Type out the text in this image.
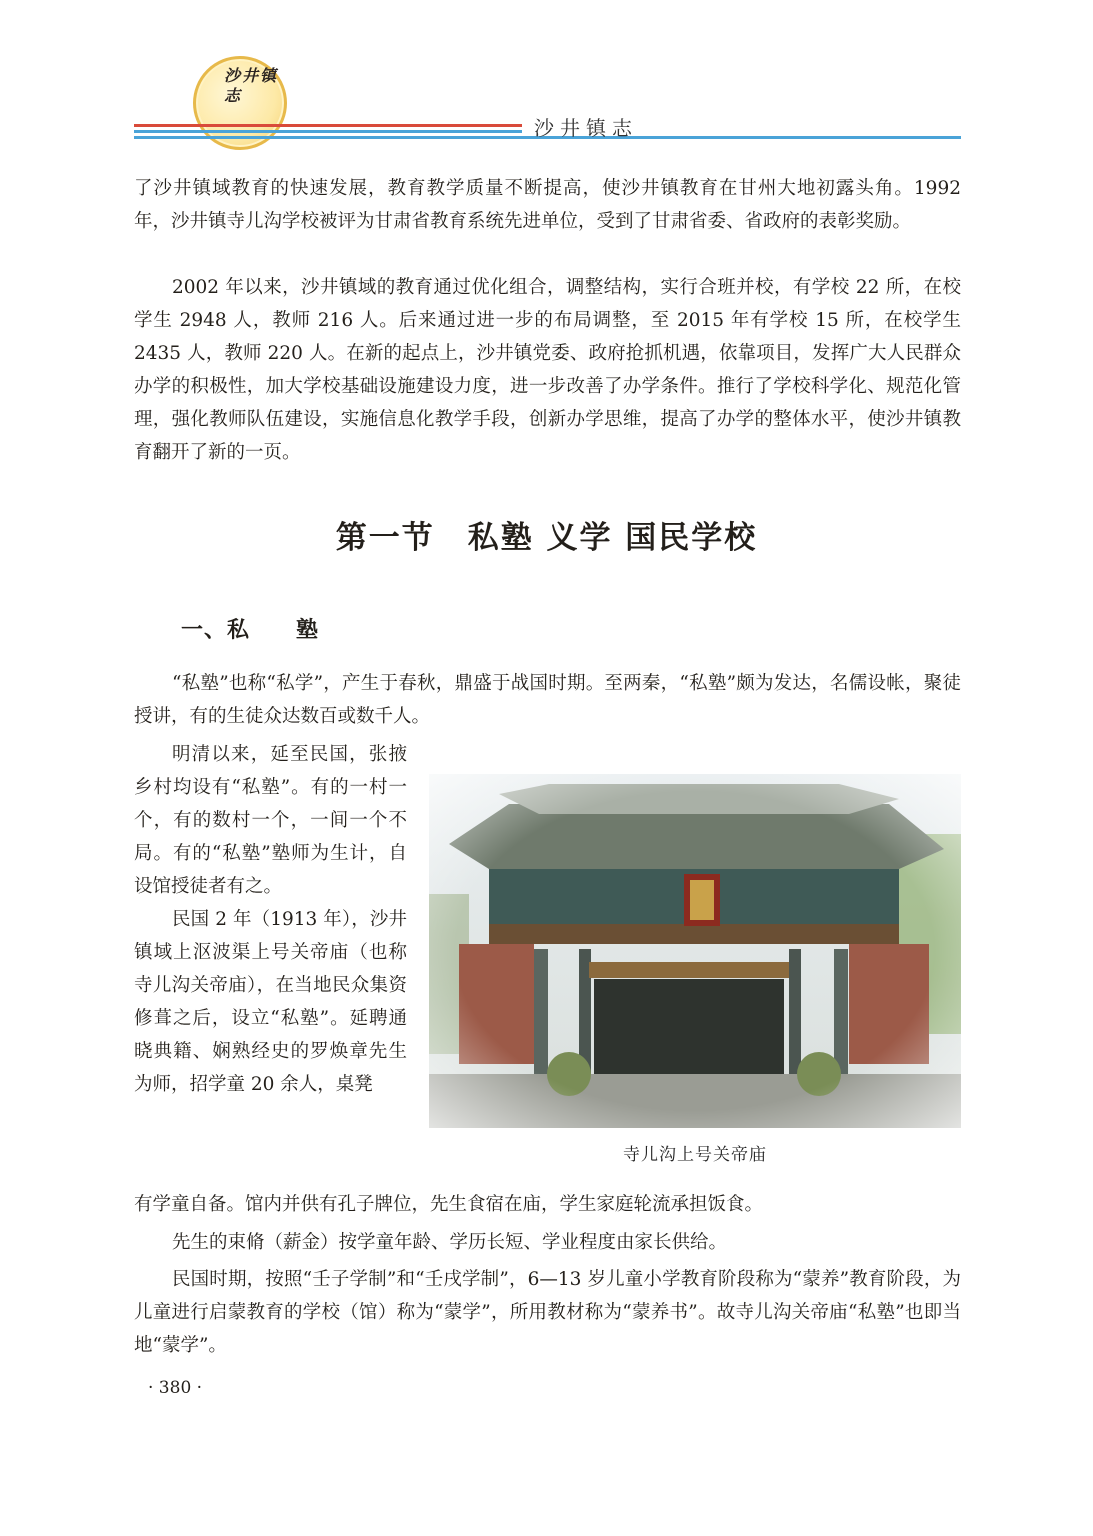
沙井镇志
沙井镇志

了沙井镇域教育的快速发展，教育教学质量不断提高，使沙井镇教育在甘州大地初露头角。1992 年，沙井镇寺儿沟学校被评为甘肃省教育系统先进单位，受到了甘肃省委、省政府的表彰奖励。

2002 年以来，沙井镇域的教育通过优化组合，调整结构，实行合班并校，有学校 22 所，在校学生 2948 人，教师 216 人。后来通过进一步的布局调整，至 2015 年有学校 15 所，在校学生 2435 人，教师 220 人。在新的起点上，沙井镇党委、政府抢抓机遇，依靠项目，发挥广大人民群众办学的积极性，加大学校基础设施建设力度，进一步改善了办学条件。推行了学校科学化、规范化管理，强化教师队伍建设，实施信息化教学手段，创新办学思维，提高了办学的整体水平，使沙井镇教育翻开了新的一页。

第一节　私塾 义学 国民学校
一、私　　塾

“私塾”也称“私学”，产生于春秋，鼎盛于战国时期。至两秦，“私塾”颇为发达，名儒设帐，聚徒授讲，有的生徒众达数百或数千人。

明清以来，延至民国，张掖乡村均设有“私塾”。有的一村一个，有的数村一个，一间一个不局。有的“私塾”塾师为生计，自设馆授徒者有之。

民国 2 年（1913 年），沙井镇域上沤波渠上号关帝庙（也称寺儿沟关帝庙），在当地民众集资修葺之后，设立“私塾”。延聘通晓典籍、娴熟经史的罗焕章先生为师，招学童 20 余人，桌凳

寺儿沟上号关帝庙

有学童自备。馆内并供有孔子牌位，先生食宿在庙，学生家庭轮流承担饭食。

先生的束脩（薪金）按学童年龄、学历长短、学业程度由家长供给。

民国时期，按照“壬子学制”和“壬戌学制”，6—13 岁儿童小学教育阶段称为“蒙养”教育阶段，为儿童进行启蒙教育的学校（馆）称为“蒙学”，所用教材称为“蒙养书”。故寺儿沟关帝庙“私塾”也即当地“蒙学”。

· 380 ·
